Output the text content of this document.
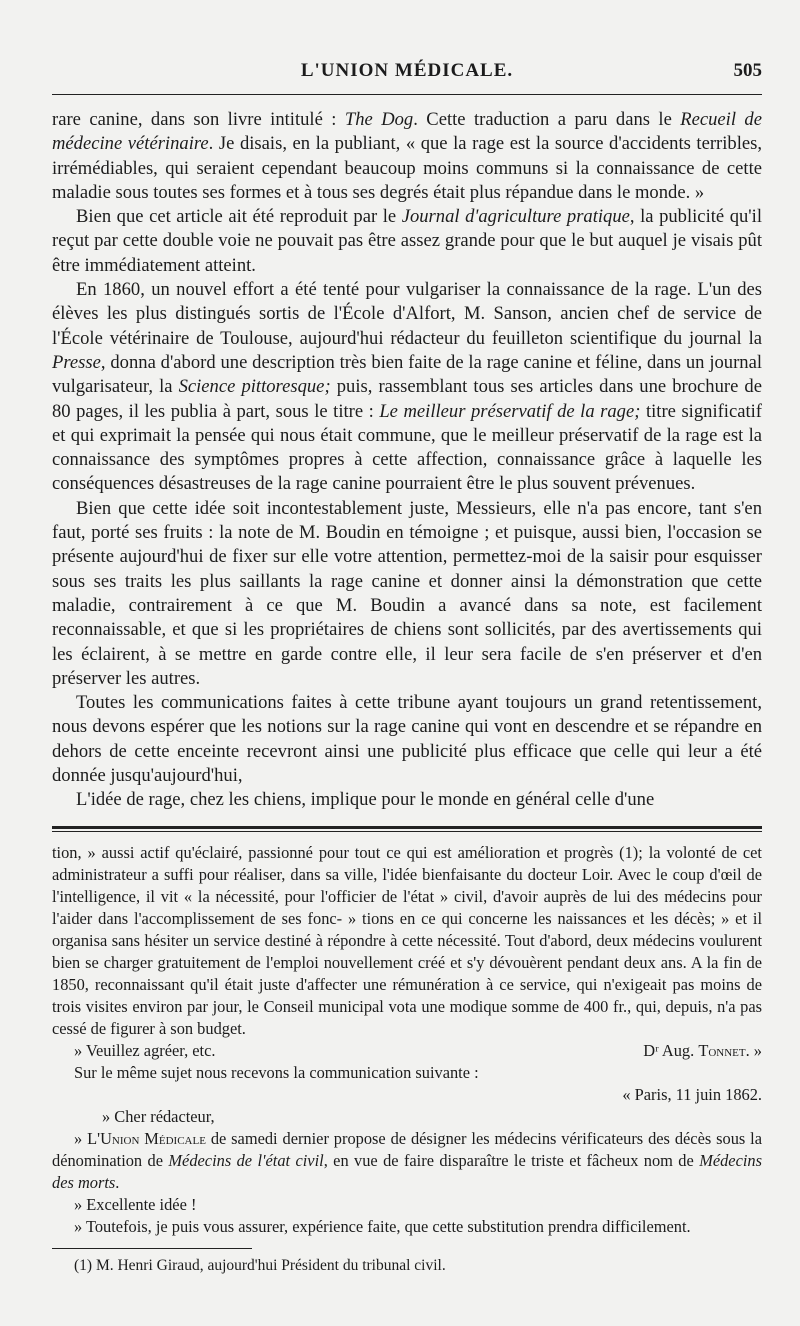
L'UNION MÉDICALE.	505

rare canine, dans son livre intitulé : The Dog. Cette traduction a paru dans le Recueil de médecine vétérinaire. Je disais, en la publiant, « que la rage est la source d'accidents terribles, irrémédiables, qui seraient cependant beaucoup moins communs si la connaissance de cette maladie sous toutes ses formes et à tous ses degrés était plus répandue dans le monde. »

Bien que cet article ait été reproduit par le Journal d'agriculture pratique, la publicité qu'il reçut par cette double voie ne pouvait pas être assez grande pour que le but auquel je visais pût être immédiatement atteint.

En 1860, un nouvel effort a été tenté pour vulgariser la connaissance de la rage. L'un des élèves les plus distingués sortis de l'École d'Alfort, M. Sanson, ancien chef de service de l'École vétérinaire de Toulouse, aujourd'hui rédacteur du feuilleton scientifique du journal la Presse, donna d'abord une description très bien faite de la rage canine et féline, dans un journal vulgarisateur, la Science pittoresque; puis, rassemblant tous ses articles dans une brochure de 80 pages, il les publia à part, sous le titre : Le meilleur préservatif de la rage; titre significatif et qui exprimait la pensée qui nous était commune, que le meilleur préservatif de la rage est la connaissance des symptômes propres à cette affection, connaissance grâce à laquelle les conséquences désastreuses de la rage canine pourraient être le plus souvent prévenues.

Bien que cette idée soit incontestablement juste, Messieurs, elle n'a pas encore, tant s'en faut, porté ses fruits : la note de M. Boudin en témoigne ; et puisque, aussi bien, l'occasion se présente aujourd'hui de fixer sur elle votre attention, permettez-moi de la saisir pour esquisser sous ses traits les plus saillants la rage canine et donner ainsi la démonstration que cette maladie, contrairement à ce que M. Boudin a avancé dans sa note, est facilement reconnaissable, et que si les propriétaires de chiens sont sollicités, par des avertissements qui les éclairent, à se mettre en garde contre elle, il leur sera facile de s'en préserver et d'en préserver les autres.

Toutes les communications faites à cette tribune ayant toujours un grand retentissement, nous devons espérer que les notions sur la rage canine qui vont en descendre et se répandre en dehors de cette enceinte recevront ainsi une publicité plus efficace que celle qui leur a été donnée jusqu'aujourd'hui,

L'idée de rage, chez les chiens, implique pour le monde en général celle d'une

tion, » aussi actif qu'éclairé, passionné pour tout ce qui est amélioration et progrès (1); la volonté de cet administrateur a suffi pour réaliser, dans sa ville, l'idée bienfaisante du docteur Loir. Avec le coup d'œil de l'intelligence, il vit « la nécessité, pour l'officier de l'état » civil, d'avoir auprès de lui des médecins pour l'aider dans l'accomplissement de ses fonc- » tions en ce qui concerne les naissances et les décès; » et il organisa sans hésiter un service destiné à répondre à cette nécessité. Tout d'abord, deux médecins voulurent bien se charger gratuitement de l'emploi nouvellement créé et s'y dévouèrent pendant deux ans. A la fin de 1850, reconnaissant qu'il était juste d'affecter une rémunération à ce service, qui n'exigeait pas moins de trois visites environ par jour, le Conseil municipal vota une modique somme de 400 fr., qui, depuis, n'a pas cessé de figurer à son budget.

» Veuillez agréer, etc.	Dʳ Aug. Tonnet. »

Sur le même sujet nous recevons la communication suivante :

« Paris, 11 juin 1862.

» Cher rédacteur,

» L'Union Médicale de samedi dernier propose de désigner les médecins vérificateurs des décès sous la dénomination de Médecins de l'état civil, en vue de faire disparaître le triste et fâcheux nom de Médecins des morts.

» Excellente idée !

» Toutefois, je puis vous assurer, expérience faite, que cette substitution prendra difficilement.

(1) M. Henri Giraud, aujourd'hui Président du tribunal civil.
